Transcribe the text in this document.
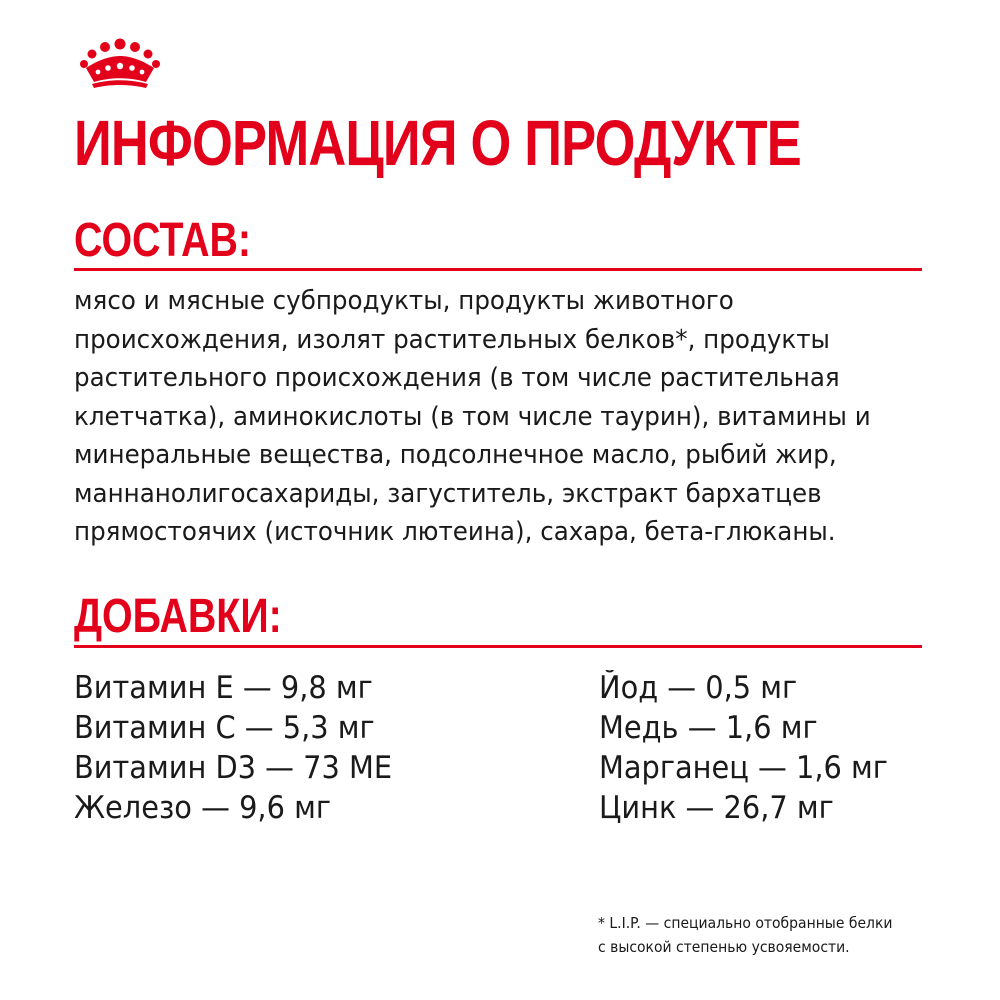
ИНФОРМАЦИЯ О ПРОДУКТЕ
СОСТАВ:

мясо и мясные субпродукты, продукты животного происхождения, изолят растительных белков*, продукты растительного происхождения (в том числе растительная клетчатка), аминокислоты (в том числе таурин), витамины и минеральные вещества, подсолнечное масло, рыбий жир, маннанолигосахариды, загуститель, экстракт бархатцев прямостоячих (источник лютеина), сахара, бета-глюканы.

ДОБАВКИ:
Витамин Е — 9,8 мг
Витамин С — 5,3 мг
Витамин D3 — 73 МЕ
Железо — 9,6 мг
Йод — 0,5 мг
Медь — 1,6 мг
Марганец — 1,6 мг
Цинк — 26,7 мг

* L.I.P. — специально отобранные белки
с высокой степенью усвояемости.
